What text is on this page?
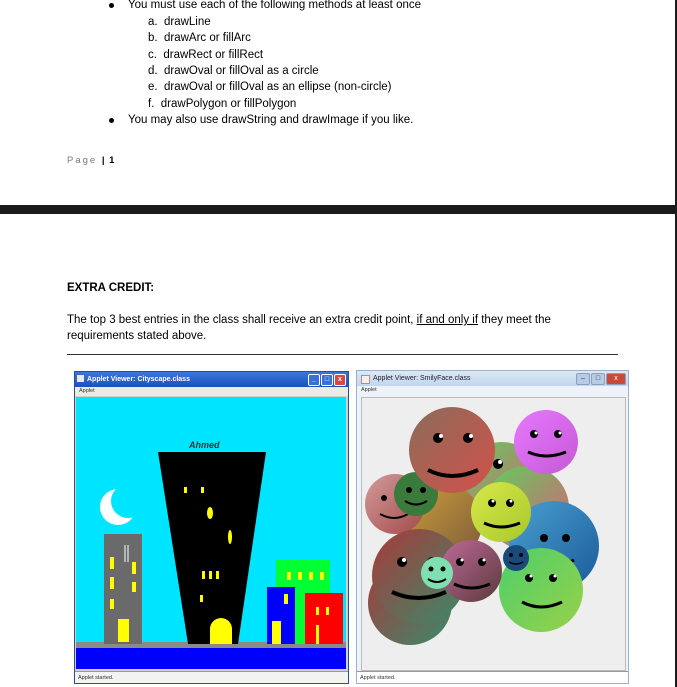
You must use each of the following methods at least once
a. drawLine
b. drawArc or fillArc
c. drawRect or fillRect
d. drawOval or fillOval as a circle
e. drawOval or fillOval as an ellipse (non-circle)
f. drawPolygon or fillPolygon
You may also use drawString and drawImage if you like.
Page | 1
EXTRA CREDIT:
The top 3 best entries in the class shall receive an extra credit point, if and only if they meet the requirements stated above.
Applet Viewer: Cityscape.class	_	□	x
Applet
Ahmed
Applet started.
Applet Viewer: SmilyFace.class	–	□	x
Applet
Applet started.
